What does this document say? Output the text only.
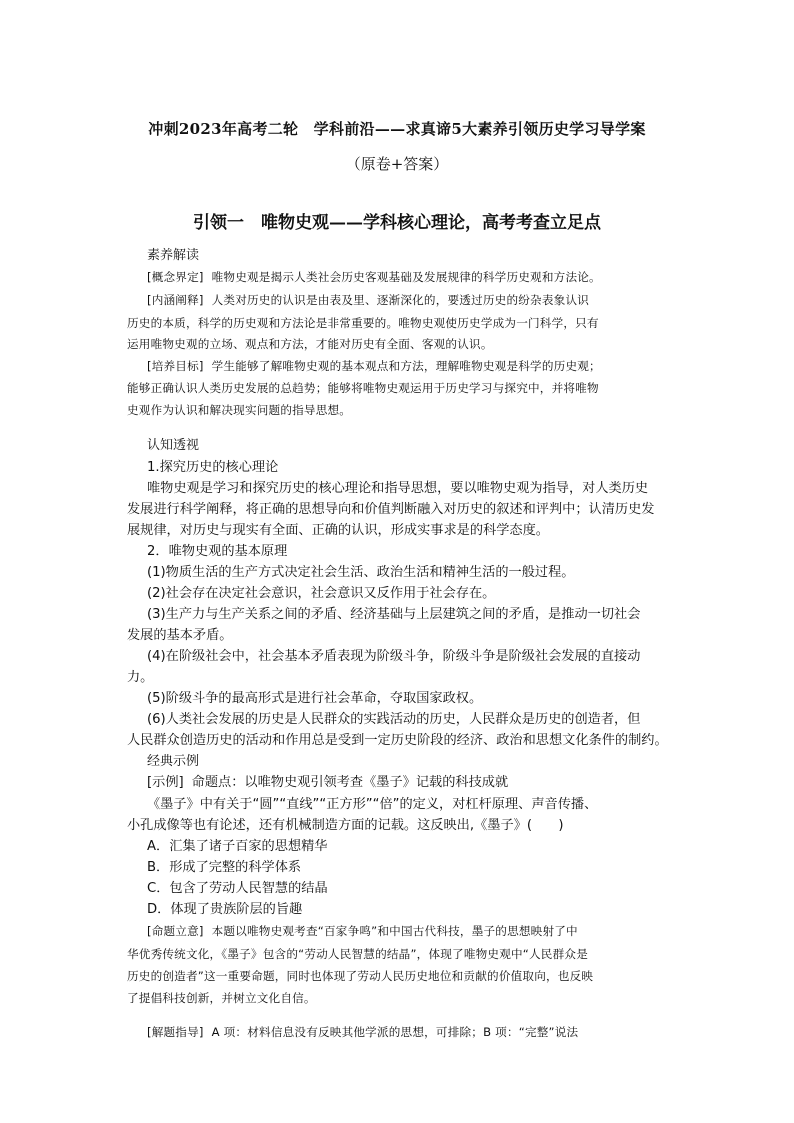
冲刺2023年高考二轮　学科前沿——求真谛5大素养引领历史学习导学案
（原卷+答案）
引领一　唯物史观——学科核心理论，高考考查立足点
素养解读
[概念界定] 唯物史观是揭示人类社会历史客观基础及发展规律的科学历史观和方法论。
[内涵阐释] 人类对历史的认识是由表及里、逐渐深化的，要透过历史的纷杂表象认识
历史的本质，科学的历史观和方法论是非常重要的。唯物史观使历史学成为一门科学，只有
运用唯物史观的立场、观点和方法，才能对历史有全面、客观的认识。
[培养目标] 学生能够了解唯物史观的基本观点和方法，理解唯物史观是科学的历史观；
能够正确认识人类历史发展的总趋势；能够将唯物史观运用于历史学习与探究中，并将唯物
史观作为认识和解决现实问题的指导思想。
认知透视
1.探究历史的核心理论
唯物史观是学习和探究历史的核心理论和指导思想，要以唯物史观为指导，对人类历史
发展进行科学阐释，将正确的思想导向和价值判断融入对历史的叙述和评判中；认清历史发
展规律，对历史与现实有全面、正确的认识，形成实事求是的科学态度。
2．唯物史观的基本原理
(1)物质生活的生产方式决定社会生活、政治生活和精神生活的一般过程。
(2)社会存在决定社会意识，社会意识又反作用于社会存在。
(3)生产力与生产关系之间的矛盾、经济基础与上层建筑之间的矛盾，是推动一切社会
发展的基本矛盾。
(4)在阶级社会中，社会基本矛盾表现为阶级斗争，阶级斗争是阶级社会发展的直接动
力。
(5)阶级斗争的最高形式是进行社会革命，夺取国家政权。
(6)人类社会发展的历史是人民群众的实践活动的历史，人民群众是历史的创造者，但
人民群众创造历史的活动和作用总是受到一定历史阶段的经济、政治和思想文化条件的制约。
经典示例
[示例] 命题点：以唯物史观引领考查《墨子》记载的科技成就
《墨子》中有关于“圆”“直线”“正方形”“倍”的定义，对杠杆原理、声音传播、
小孔成像等也有论述，还有机械制造方面的记载。这反映出,《墨子》(　　)
A．汇集了诸子百家的思想精华
B．形成了完整的科学体系
C．包含了劳动人民智慧的结晶
D．体现了贵族阶层的旨趣
[命题立意] 本题以唯物史观考查“百家争鸣”和中国古代科技，墨子的思想映射了中
华优秀传统文化，《墨子》包含的“劳动人民智慧的结晶”，体现了唯物史观中“人民群众是
历史的创造者”这一重要命题，同时也体现了劳动人民历史地位和贡献的价值取向，也反映
了提倡科技创新，并树立文化自信。
[解题指导] A 项：材料信息没有反映其他学派的思想，可排除；B 项：“完整”说法
